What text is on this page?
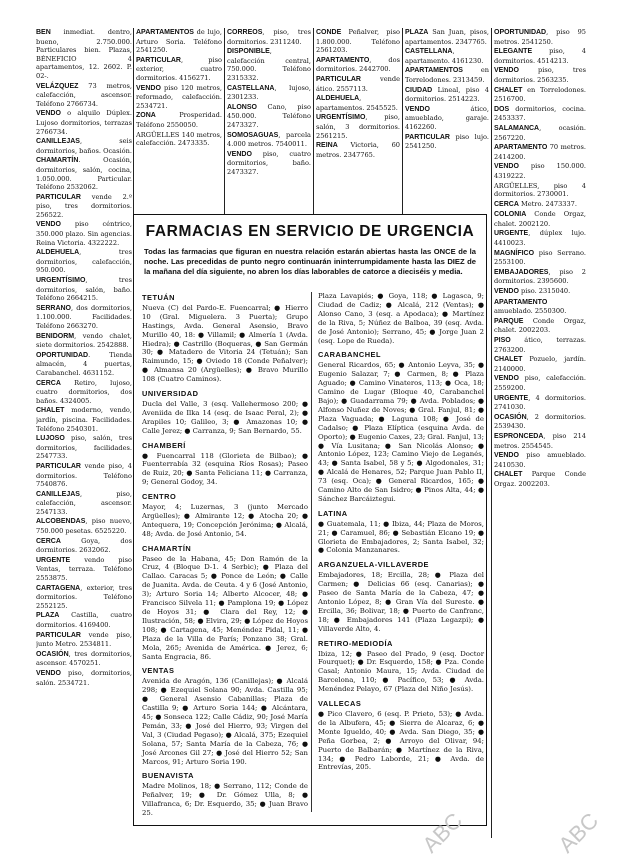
BEN inmediat. dentro, bueno, 2.750.000. Particulares bien. Plazas, BÉNEFICIO 4 apartamentos, 12. 2602. P. 02-.

VELÁZQUEZ 73 metros, calefacción, ascensor. Teléfono 2766734.

VENDO o alquilo Dúplex. Lujoso dormitorios, terrazas 2766734.

CANILLEJAS, seis dormitorios, baños. Ocasión.

CHAMARTÍN. Ocasión, dormitorios, salón, cocina, 1.050.000. Particular. Teléfono 2532062.

PARTICULAR vende 2.º piso, tres dormitorios. 256522.

VENDO piso céntrico, 350.000 plazo. Sin agencias. Reina Victoria. 4322222.

ALDEHUELA, tres dormitorios, calefacción, 950.000.

URGENTÍSIMO, tres dormitorios, salón, baño. Teléfono 2664215.

SERRANO, dos dormitorios, 1.100.000. Facilidades. Teléfono 2663270.

BENIDORM, vendo chalet, siete dormitorios. 2542888.

OPORTUNIDAD. Tienda almacén, 4 puertas, Carabanchel. 4631152.

CERCA Retiro, lujoso, cuatro dormitorios, dos baños. 4324005.

CHALET moderno, vendo, jardín, piscina. Facilidades. Teléfono 2540301.

LUJOSO piso, salón, tres dormitorios, facilidades. 2547733.

PARTICULAR vende piso, 4 dormitorios. Teléfono 7540876.

CANILLEJAS, piso, calefacción, ascensor. 2547133.

ALCOBENDAS, piso nuevo, 750.000 pesetas. 6525220.

CERCA Goya, dos dormitorios. 2632062.

URGENTE vendo piso Ventas, terraza. Teléfono 2553875.

CARTAGENA, exterior, tres dormitorios. Teléfono 2552125.

PLAZA Castilla, cuatro dormitorios. 4169400.

PARTICULAR vende piso, junto Metro. 2534811.

OCASIÓN, tres dormitorios, ascensor. 4570251.

VENDO piso, dormitorios, salón. 2534721.

APARTAMENTOS de lujo, Arturo Soria. Teléfono 2541250.

PARTICULAR, piso exterior, cuatro dormitorios. 4156271.

VENDO piso 120 metros, reformado, calefacción. 2534721.

ZONA Prosperidad. Teléfono 2550050.

ARGÜELLES 140 metros, calefacción. 2473335.

CORREOS, piso, tres dormitorios. 2311240.

DISPONIBLE, calefacción central, 750.000. Teléfono 2315332.

CASTELLANA, lujoso, 2301233.

ALONSO Cano, piso 450.000. Teléfono 2473327.

SOMOSAGUAS, parcela 4.000 metros. 7540011.

VENDO piso, cuatro dormitorios, baño. 2473327.

CONDE Peñalver, piso 1.800.000. Teléfono 2561203.

APARTAMENTO, dos dormitorios. 2442700.

PARTICULAR vende ático. 2557113.

ALDEHUELA, apartamentos. 2545525.

URGENTÍSIMO, piso, salón, 3 dormitorios. 2561215.

REINA Victoria, 60 metros. 2347765.

PLAZA San Juan, pisos, apartamentos. 2347765.

CASTELLANA, apartamento. 4161230.

APARTAMENTOS en Torrelodones. 2313459.

CIUDAD Lineal, piso 4 dormitorios. 2514223.

VENDO ático, amueblado, garaje. 4162260.

PARTICULAR piso lujo. 2541250.

OPORTUNIDAD, piso 95 metros. 2541250.

ELEGANTE piso, 4 dormitorios. 4514213.

VENDO piso, tres dormitorios. 2563235.

CHALET en Torrelodones. 2516700.

DOS dormitorios, cocina. 2453337.

SALAMANCA, ocasión. 2567220.

APARTAMENTO 70 metros. 2414200.

VENDO piso 150.000. 4319222.

ARGÜELLES, piso 4 dormitorios. 2730001.

CERCA Metro. 2473337.

COLONIA Conde Orgaz, chalet. 2002120.

URGENTE, dúplex lujo. 4410023.

MAGNÍFICO piso Serrano. 2553100.

EMBAJADORES, piso 2 dormitorios. 2395600.

VENDO piso. 2315040.

APARTAMENTO amueblado. 2550300.

PARQUE Conde Orgaz, chalet. 2002203.

PISO ático, terrazas. 2763200.

CHALET Pozuelo, jardín. 2140000.

VENDO piso, calefacción. 2559200.

URGENTE, 4 dormitorios. 2741030.

OCASIÓN, 2 dormitorios. 2539430.

ESPRONCEDA, piso 214 metros. 2554545.

VENDO piso amueblado. 2410530.

CHALET Parque Conde Orgaz. 2002203.

FARMACIAS EN SERVICIO DE URGENCIA
Todas las farmacias que figuran en nuestra relación estarán abiertas hasta las ONCE de la noche. Las precedidas de punto negro continuarán ininterrumpidamente hasta las DIEZ de la mañana del día siguiente, no abren los días laborables de catorce a dieciséis y media.
TETUÁN
Nueva (C) del Pardo-E. Fuencarral; ● Hierro 10 (Gral. Miguelera. 3 Puerta); Grupo Hastings, Avda. General Asensio, Bravo Murillo 40, 18: ● Villamil; ● Almería 1 (Avda. Hiedra); ● Castrillo (Boqueras, ● San Germán 30; ● Matadero de Vitoria 24 (Tetuán); San Raimundo, 15; ● Oviedo 18 (Conde Peñalver); ● Almansa 20 (Argüelles); ● Bravo Murillo 108 (Cuatro Caminos).
UNIVERSIDAD
Ducla del Valle, 3 (esq. Vallehermoso 200; ● Aveniida de Ilka 14 (esq. de Isaac Peral, 2); ● Arapiles 10; Galileo, 3; ● Amazonas 10; ● Calle Jerez; ● Carranza, 9; San Bernardo, 55.
CHAMBERÍ
● Fuencarral 118 (Glorieta de Bilbao); ● Fuenterrabía 32 (esquina Ríos Rosas); Paseo de Ruiz, 20; ● Santa Feliciana 11; ● Carranza, 9; General Godoy, 34.
CENTRO
Mayor, 4; Luzernas, 3 (junto Mercado Argüelles); ● Almirante 12; ● Atocha 20; ● Antequera, 19; Concepción Jerónima; ● Alcalá, 48; Avda. de José Antonio, 54.
CHAMARTÍN
Paseo de la Habana, 45; Don Ramón de la Cruz, 4 (Bloque D-1. 4 Serbic); ● Plaza del Callao. Caracas 5; ● Ponce de León; ● Calle de Juanita. Avda. de Ceuta. 4 y 6 (José Antonio, 3); Arturo Soria 14; Alberto Alcocer, 48; ● Francisco Silvela 11; ● Pamplona 19; ● López de Hoyos 31; ● Clara del Rey, 12; ● Ilustración, 58; ● Elvira, 29; ● López de Hoyos 108; ● Cartagena, 45; Menéndez Pidal, 11; ● Plaza de la Villa de París; Ponzano 38; Gral. Mola, 265; Avenida de América. ● Jerez, 6; Santa Engracia, 86.
VENTAS
Avenida de Aragón, 136 (Canillejas); ● Alcalá 298; ● Ezequiel Solana 90; Avda. Castilla 95; ● General Asensio Cabanillas; Plaza de Castilla 9; ● Arturo Soria 144; ● Alcántara, 45; ● Sonseca 122; Calle Cádiz, 90; José María Pemán, 33; ● José del Hierro, 93; Virgen del Val, 3 (Ciudad Pegaso); ● Alcalá, 375; Ezequiel Solana, 57; Santa María de la Cabeza, 76; ● José Arcones Gil 27; ● José del Hierro 52; San Marcos, 91; Arturo Soria 190.
BUENAVISTA
Madre Molinos, 18; ● Serrano, 112; Conde de Peñalver, 19; ● Dr. Gómez Ulla, 8; ● Villafranca, 6; Dr. Esquerdo, 35; ● Juan Bravo 25.
Plaza Lavapiés; ● Goya, 118; ● Lagasca, 9; Ciudad de Cadiz; ● Alcalá, 212 (Ventas); ● Alonso Cano, 3 (esq. a Apodaca); ● Martínez de la Riva, 5; Núñez de Balboa, 39 (esq. Avda. de José Antonio); Serrano, 45; ● Jorge Juan 2 (esq. Lope de Rueda).
CARABANCHEL
General Ricardos, 65; ● Antonio Leyva, 35; ● Eugenio Salazar, 7; ● Carmen, 8; ● Plaza Aguado; ● Camino Vinateros, 113; ● Oca, 18; Camino de Lugar (Bloque 40, Carabanchel Bajo); ● Guadarrama 79; ● Avda. Poblados; ● Alfonso Nuñez de Noves; ● Gral. Fanjul, 81; ● Plaza Vaguada; ● Laguna 108; ● José de Cadalso; ● Plaza Elíptica (esquina Avda. de Oporto); ● Eugenio Caxes, 23; Gral. Fanjul, 13; ● Vía Lusitana; ● San Nicolás Alonso; ● Antonio López, 123; Camino Viejo de Leganés, 43; ● Santa Isabel, 58 y 5; ● Algodonales, 31; ● Alcalá de Henares, 52; Parque Juan Pablo II, 73 (esq. Oca); ● General Ricardos, 165; ● Camino Alto de San Isidro; ● Pinos Alta, 44; ● Sánchez Barcáiztegui.
LATINA
● Guatemala, 11; ● Ibiza, 44; Plaza de Moros, 21; ● Caramuel, 86; ● Sebastián Elcano 19; ● Glorieta de Embajadores, 2; Santa Isabel, 32; ● Colonia Manzanares.
ARGANZUELA-VILLAVERDE
Embajadores, 18; Ercilla, 28; ● Plaza del Carmen; ● Delicias 66 (esq. Canarias); ● Paseo de Santa María de la Cabeza, 47; ● Antonio López, 8; ● Gran Vía del Sureste. ● Ercilla, 36; Bolivar, 18; ● Puerto de Canfranc, 18; ● Embajadores 141 (Plaza Legazpi); ● Villaverde Alto, 4.
RETIRO-MEDIODÍA
Ibiza, 12; ● Paseo del Prado, 9 (esq. Doctor Fourquet); ● Dr. Esquerdo, 158; ● Pza. Conde Casal; Antonio Maura, 15; Avda. Ciudad de Barcelona, 110; ● Pacífico, 53; ● Avda. Menéndez Pelayo, 67 (Plaza del Niño Jesús).
VALLECAS
● Pico Clavero, 6 (esq. P. Prieto, 53); ● Avda. de la Albufera, 45; ● Sierra de Alcaraz, 6; ● Monte Igueldo, 40; ● Avda. San Diego, 35; ● Peña Gorbea, 2; ● Arroyo del Olivar, 94; Puerto de Balbarán; ● Martínez de la Riva, 134; ● Pedro Laborde, 21; ● Avda. de Entrevías, 205.
ABC	ABC
